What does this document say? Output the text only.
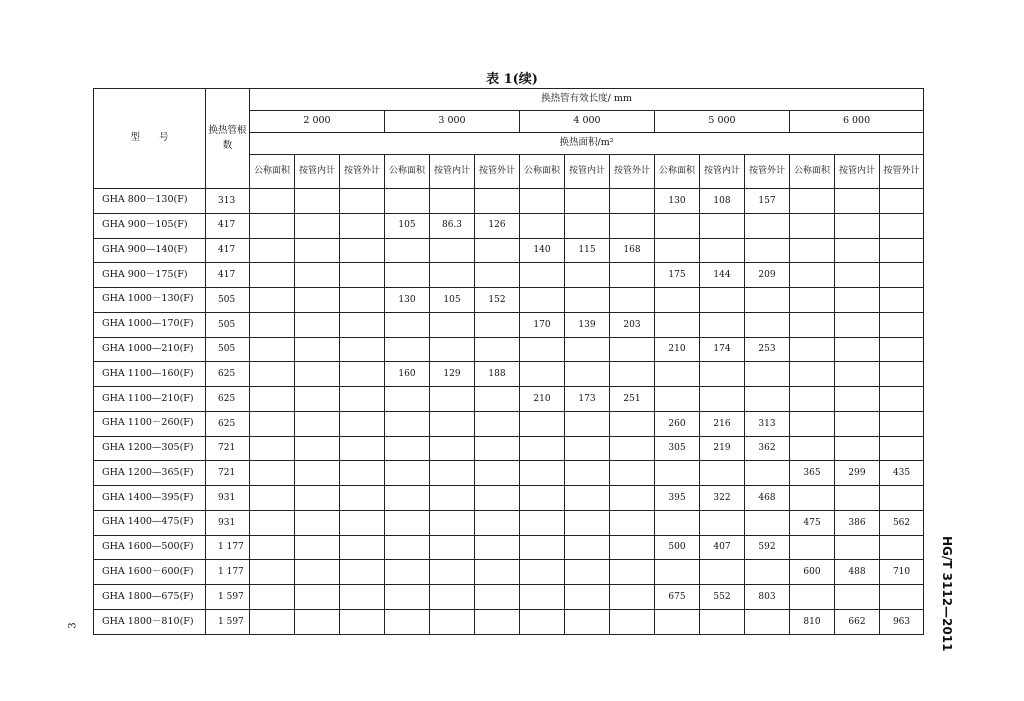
表 1(续)
型　　号	换热管根数	换热管有效长度/ mm														
		2 000			3 000			4 000			5 000			6 000		
		换热面积/m²														
		公称面积	按管内计	按管外计	公称面积	按管内计	按管外计	公称面积	按管内计	按管外计	公称面积	按管内计	按管外计	公称面积	按管内计	按管外计
GHA 800－130(F)	313										130	108	157			
GHA 900－105(F)	417				105	86.3	126									
GHA 900—140(F)	417							140	115	168						
GHA 900－175(F)	417										175	144	209			
GHA 1000－130(F)	505				130	105	152									
GHA 1000—170(F)	505							170	139	203						
GHA 1000—210(F)	505										210	174	253			
GHA 1100—160(F)	625				160	129	188									
GHA 1100—210(F)	625							210	173	251						
GHA 1100－260(F)	625										260	216	313			
GHA 1200—305(F)	721										305	219	362			
GHA 1200—365(F)	721													365	299	435
GHA 1400—395(F)	931										395	322	468			
GHA 1400—475(F)	931													475	386	562
GHA 1600—500(F)	1 177										500	407	592			
GHA 1600－600(F)	1 177													600	488	710
GHA 1800—675(F)	1 597										675	552	803			
GHA 1800－810(F)	1 597													810	662	963 HG/T 3112—2011
3
